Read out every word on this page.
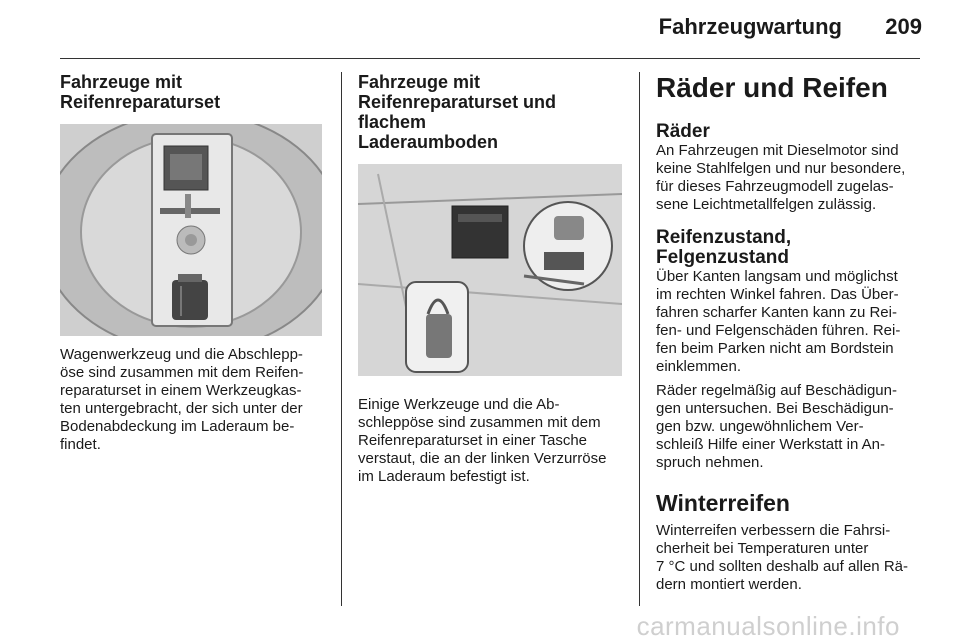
Fahrzeugwartung 209
Fahrzeuge mit
Reifenreparaturset
Wagenwerkzeug und die Abschlepp-
öse sind zusammen mit dem Reifen-
reparaturset in einem Werkzeugkas-
ten untergebracht, der sich unter der
Bodenabdeckung im Laderaum be-
findet.
Fahrzeuge mit
Reifenreparaturset und flachem
Laderaumboden
Einige Werkzeuge und die Ab-
schleppöse sind zusammen mit dem
Reifenreparaturset in einer Tasche
verstaut, die an der linken Verzurröse
im Laderaum befestigt ist.
Räder und Reifen
Räder
An Fahrzeugen mit Dieselmotor sind
keine Stahlfelgen und nur besondere,
für dieses Fahrzeugmodell zugelas-
sene Leichtmetallfelgen zulässig.
Reifenzustand, Felgenzustand
Über Kanten langsam und möglichst
im rechten Winkel fahren. Das Über-
fahren scharfer Kanten kann zu Rei-
fen- und Felgenschäden führen. Rei-
fen beim Parken nicht am Bordstein
einklemmen.
Räder regelmäßig auf Beschädigun-
gen untersuchen. Bei Beschädigun-
gen bzw. ungewöhnlichem Ver-
schleiß Hilfe einer Werkstatt in An-
spruch nehmen.
Winterreifen
Winterreifen verbessern die Fahrsi-
cherheit bei Temperaturen unter
7 °C und sollten deshalb auf allen Rä-
dern montiert werden.
carmanualsonline.info
